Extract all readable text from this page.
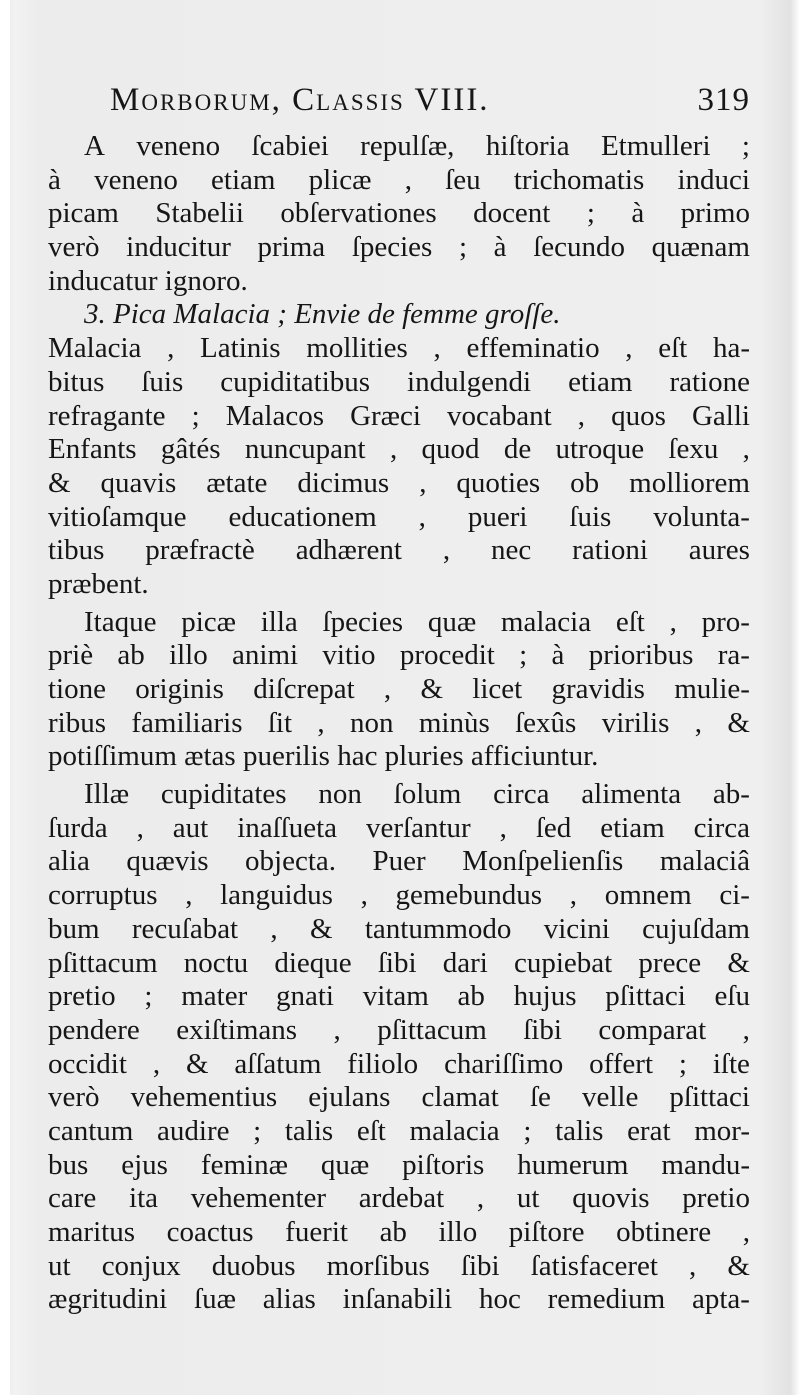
Morborum, Classis VIII.	319
A veneno ſcabiei repulſæ, hiſtoria Etmulleri ;
à veneno etiam plicæ , ſeu trichomatis induci
picam Stabelii obſervationes docent ; à primo
verò inducitur prima ſpecies ; à ſecundo quænam
inducatur ignoro.
3. Pica Malacia ; Envie de femme groſſe.
Malacia , Latinis mollities , effeminatio , eſt ha-
bitus ſuis cupiditatibus indulgendi etiam ratione
refragante ; Malacos Græci vocabant , quos Galli
Enfants gâtés nuncupant , quod de utroque ſexu ,
& quavis ætate dicimus , quoties ob molliorem
vitioſamque educationem , pueri ſuis volunta-
tibus præfractè adhærent , nec rationi aures
præbent.
Itaque picæ illa ſpecies quæ malacia eſt , pro-
priè ab illo animi vitio procedit ; à prioribus ra-
tione originis diſcrepat , & licet gravidis mulie-
ribus familiaris ſit , non minùs ſexûs virilis , &
potiſſimum ætas puerilis hac pluries afficiuntur.
Illæ cupiditates non ſolum circa alimenta ab-
ſurda , aut inaſſueta verſantur , ſed etiam circa
alia quævis objecta. Puer Monſpelienſis malaciâ
corruptus , languidus , gemebundus , omnem ci-
bum recuſabat , & tantummodo vicini cujuſdam
pſittacum noctu dieque ſibi dari cupiebat prece &
pretio ; mater gnati vitam ab hujus pſittaci eſu
pendere exiſtimans , pſittacum ſibi comparat ,
occidit , & aſſatum filiolo chariſſimo offert ; iſte
verò vehementius ejulans clamat ſe velle pſittaci
cantum audire ; talis eſt malacia ; talis erat mor-
bus ejus feminæ quæ piſtoris humerum mandu-
care ita vehementer ardebat , ut quovis pretio
maritus coactus fuerit ab illo piſtore obtinere ,
ut conjux duobus morſibus ſibi ſatisfaceret , &
ægritudini ſuæ alias inſanabili hoc remedium apta-
